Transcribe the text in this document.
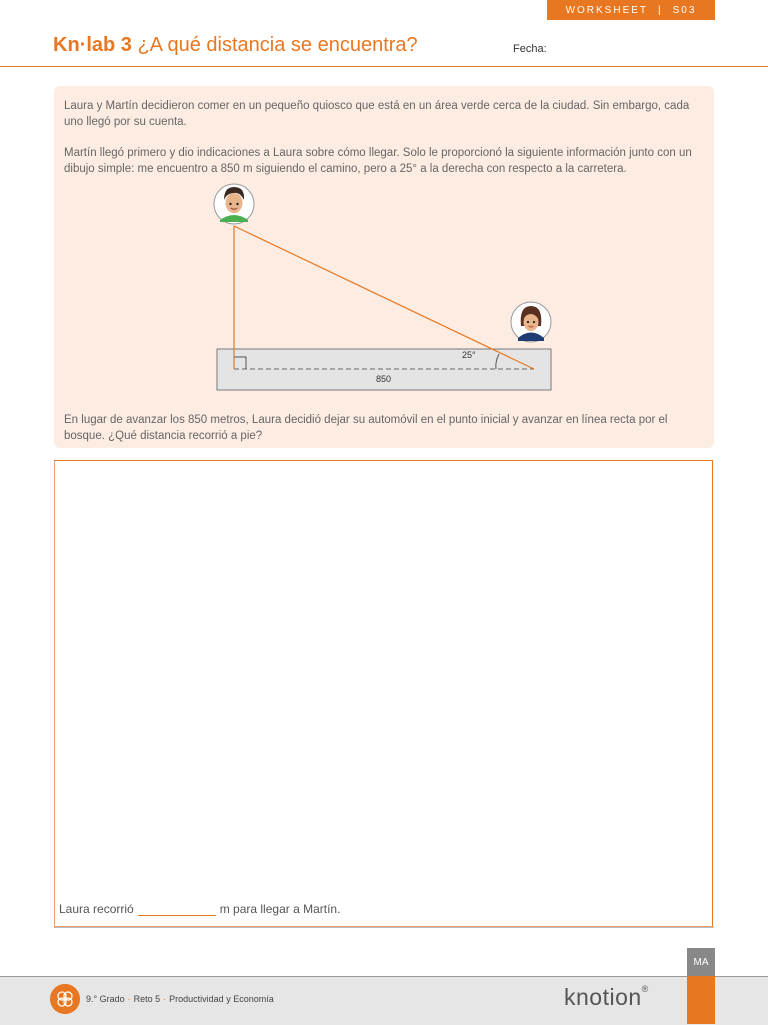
WORKSHEET | S03
Kn·lab 3 ¿A qué distancia se encuentra?	Fecha:

Laura y Martín decidieron comer en un pequeño quiosco que está en un área verde cerca de la ciudad. Sin embargo, cada uno llegó por su cuenta.

Martín llegó primero y dio indicaciones a Laura sobre cómo llegar. Solo le proporcionó la siguiente información junto con un dibujo simple: me encuentro a 850 m siguiendo el camino, pero a 25° a la derecha con respecto a la carretera.

25°
850

En lugar de avanzar los 850 metros, Laura decidió dejar su automóvil en el punto inicial y avanzar en línea recta por el bosque. ¿Qué distancia recorrió a pie?

Laura recorrió	m para llegar a Martín.
MA
9.° Grado · Reto 5 · Productividad y Economía	knotion®
